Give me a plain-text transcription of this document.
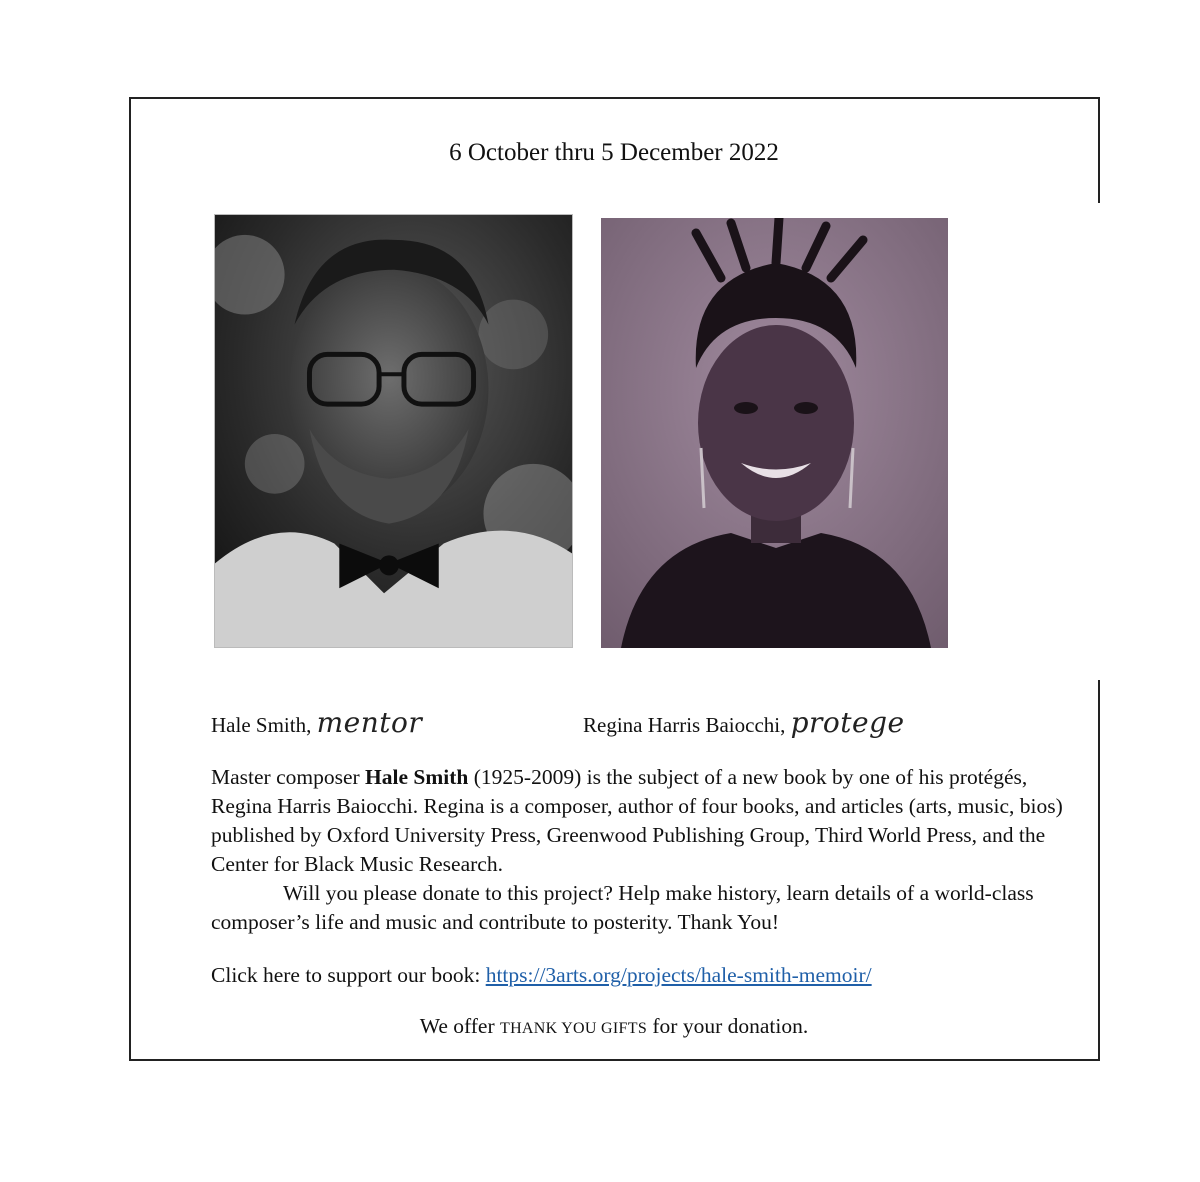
6 October thru 5 December 2022
Hale Smith, mentor	Regina Harris Baiocchi, protege

Master composer Hale Smith (1925-2009) is the subject of a new book by one of his protégés, Regina Harris Baiocchi. Regina is a composer, author of four books, and articles (arts, music, bios) published by Oxford University Press, Greenwood Publishing Group, Third World Press, and the Center for Black Music Research.

Will you please donate to this project? Help make history, learn details of a world-class composer’s life and music and contribute to posterity. Thank You!

Click here to support our book: https://3arts.org/projects/hale-smith-memoir/
We offer THANK YOU GIFTS for your donation.
